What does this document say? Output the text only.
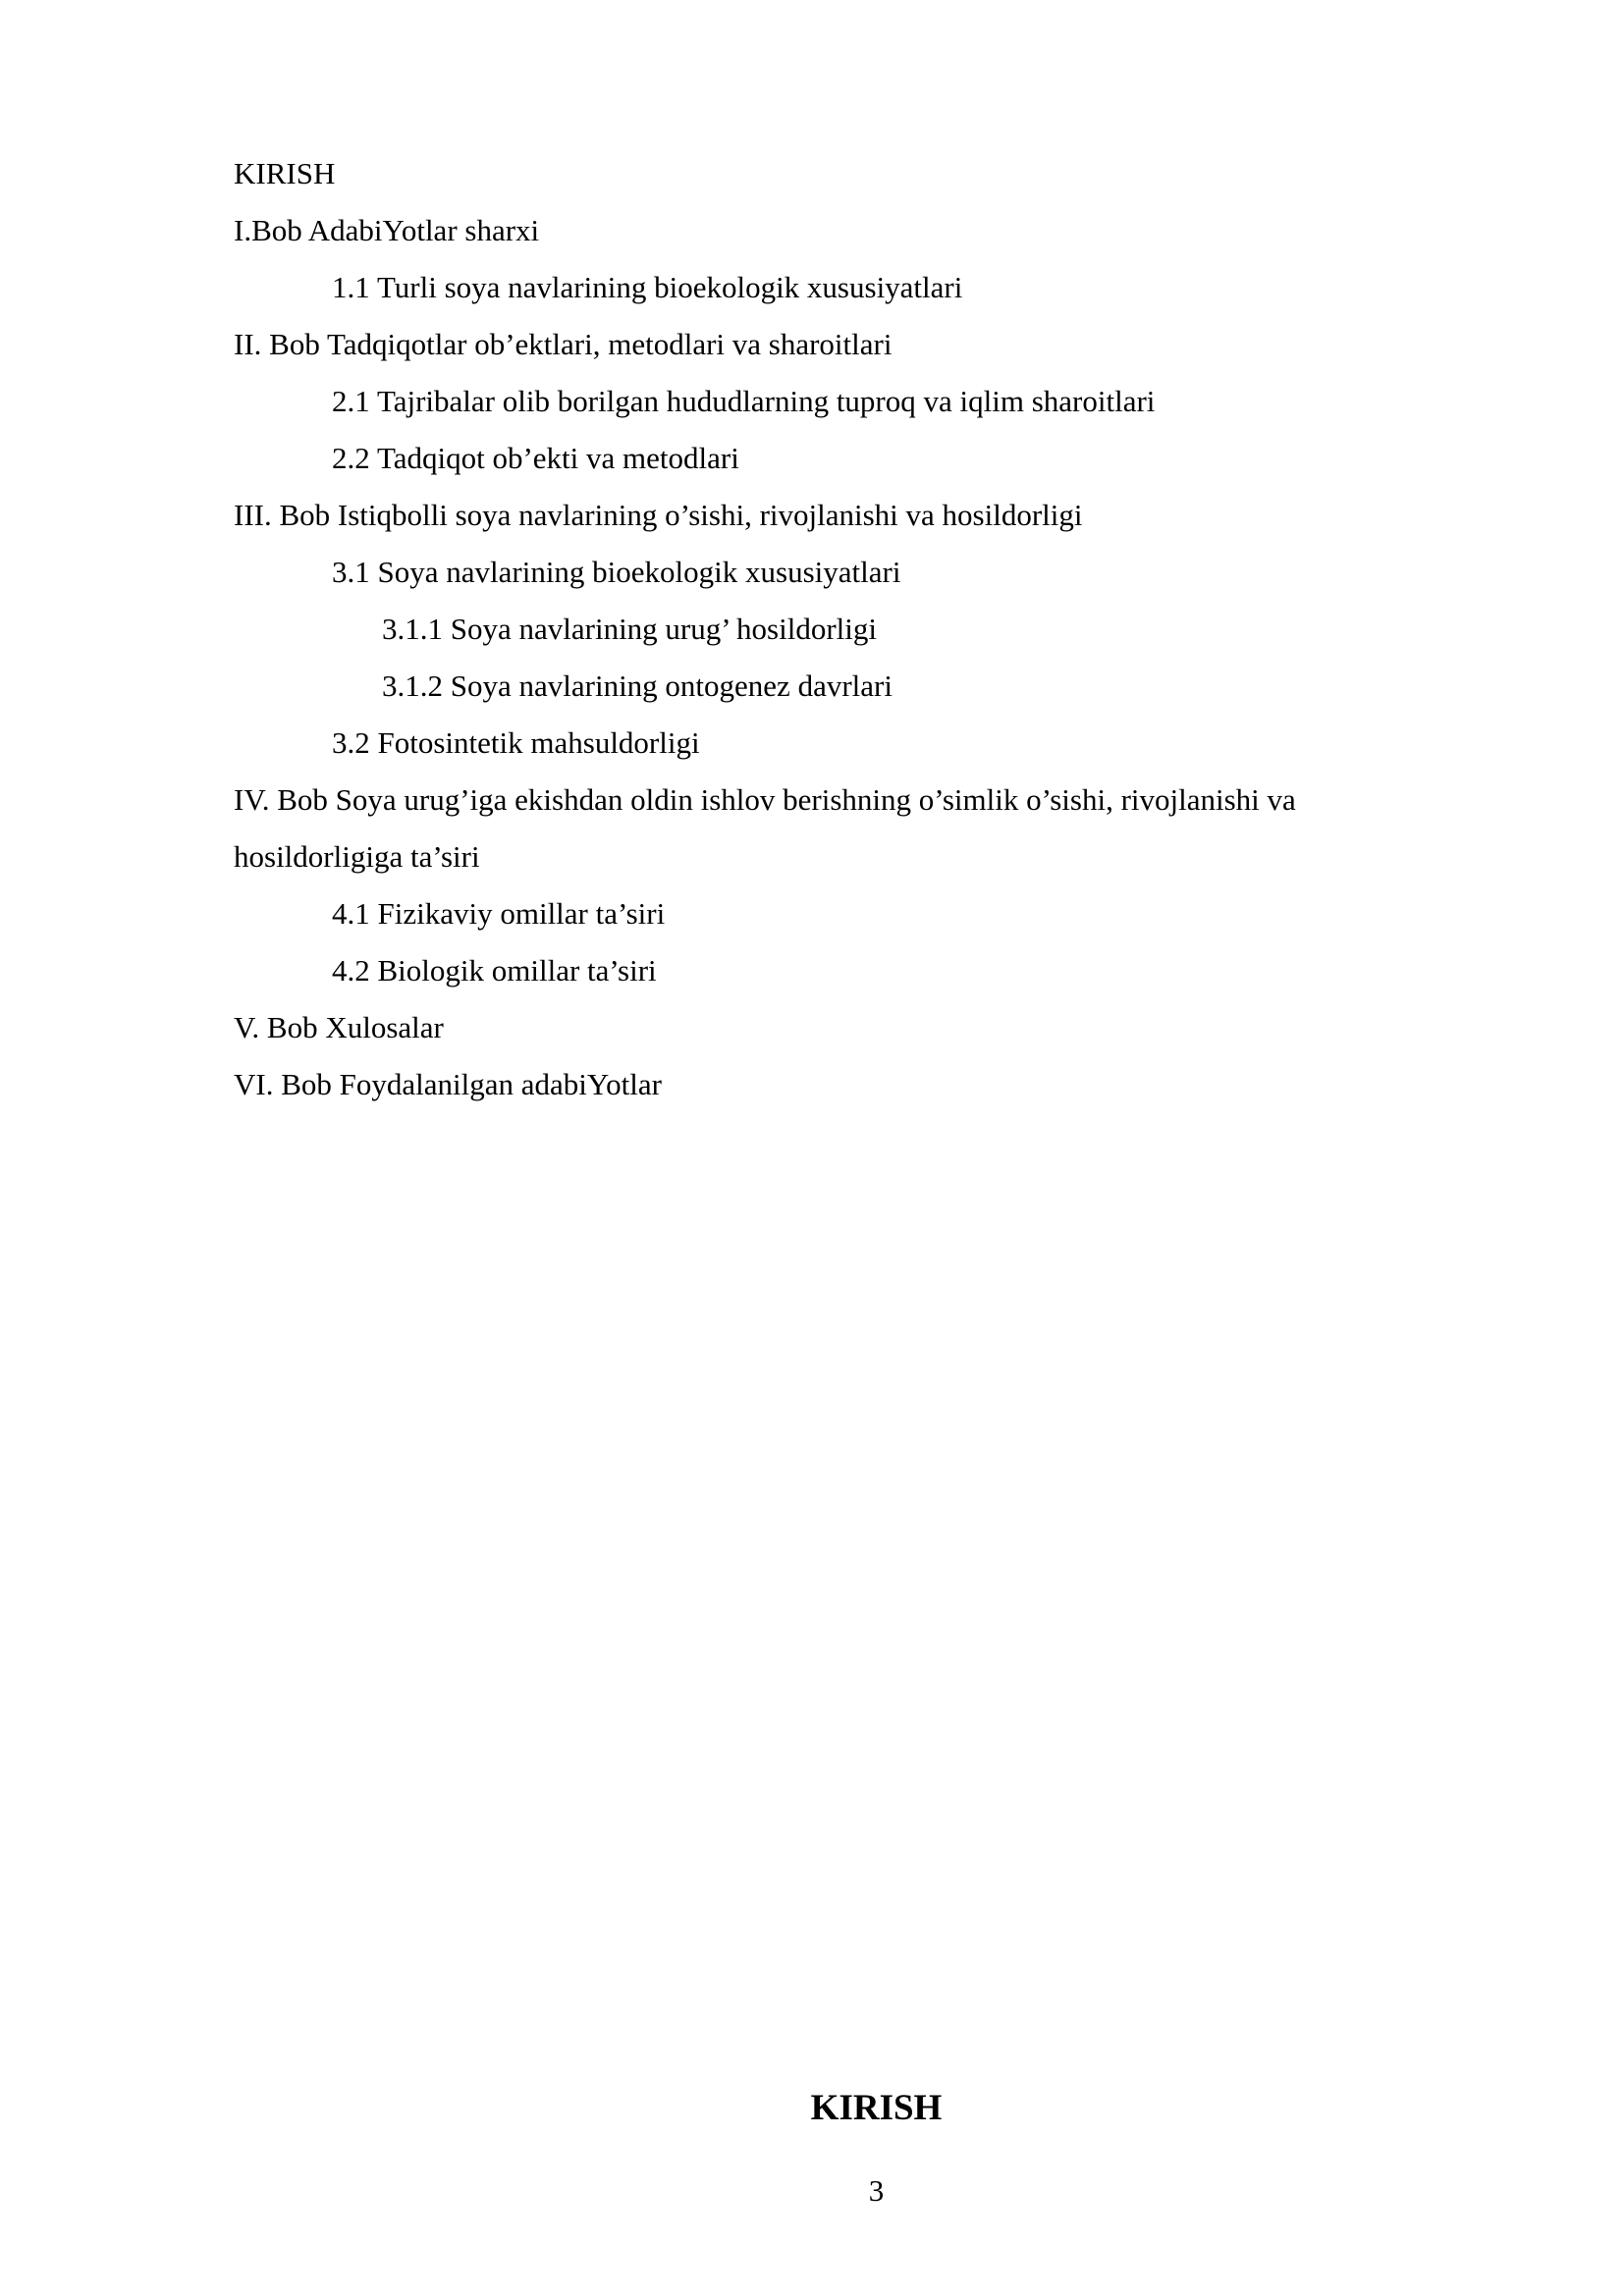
KIRISH
I.Bob AdabiYotlar sharxi
1.1 Turli soya navlarining bioekologik xususiyatlari
II. Bob Tadqiqotlar ob’ektlari, metodlari va sharoitlari
2.1 Tajribalar olib borilgan hududlarning tuproq va iqlim sharoitlari
2.2 Tadqiqot ob’ekti va metodlari
III. Bob Istiqbolli soya navlarining o’sishi, rivojlanishi va hosildorligi
3.1 Soya navlarining bioekologik xususiyatlari
3.1.1 Soya navlarining urug’ hosildorligi
3.1.2 Soya navlarining ontogenez davrlari
3.2 Fotosintetik mahsuldorligi
IV. Bob Soya urug’iga ekishdan oldin ishlov berishning o’simlik o’sishi, rivojlanishi va hosildorligiga ta’siri
4.1 Fizikaviy omillar ta’siri
4.2 Biologik omillar ta’siri
V. Bob Xulosalar
VI. Bob Foydalanilgan adabiYotlar
KIRISH
3
